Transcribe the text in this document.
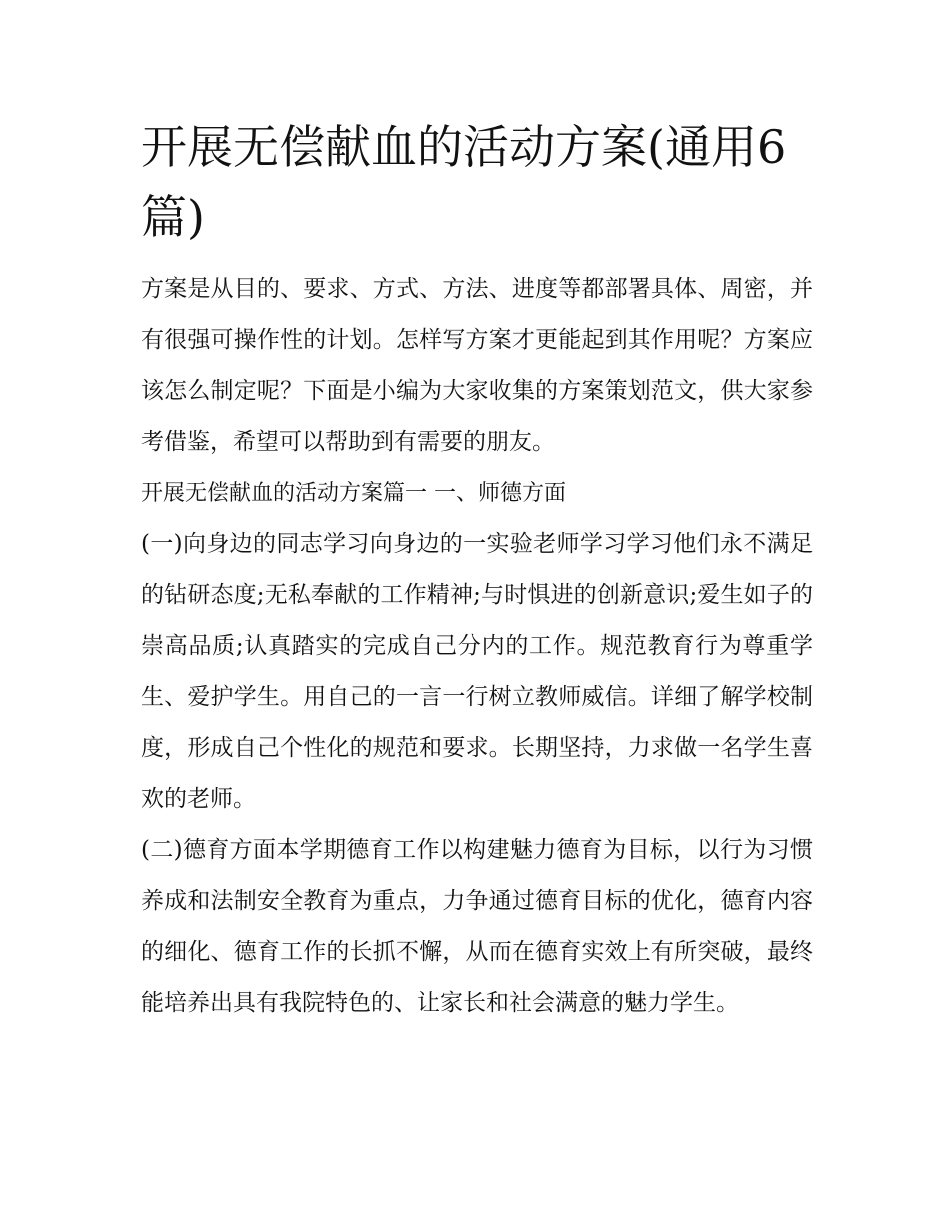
开展无偿献血的活动方案(通用6篇)

方案是从目的、要求、方式、方法、进度等都部署具体、周密，并有很强可操作性的计划。怎样写方案才更能起到其作用呢？方案应该怎么制定呢？下面是小编为大家收集的方案策划范文，供大家参考借鉴，希望可以帮助到有需要的朋友。

开展无偿献血的活动方案篇一 一、师德方面

(一)向身边的同志学习向身边的一实验老师学习学习他们永不满足的钻研态度;无私奉献的工作精神;与时惧进的创新意识;爱生如子的崇高品质;认真踏实的完成自己分内的工作。规范教育行为尊重学生、爱护学生。用自己的一言一行树立教师威信。详细了解学校制度，形成自己个性化的规范和要求。长期坚持，力求做一名学生喜欢的老师。

(二)德育方面本学期德育工作以构建魅力德育为目标，以行为习惯养成和法制安全教育为重点，力争通过德育目标的优化，德育内容的细化、德育工作的长抓不懈，从而在德育实效上有所突破，最终能培养出具有我院特色的、让家长和社会满意的魅力学生。
